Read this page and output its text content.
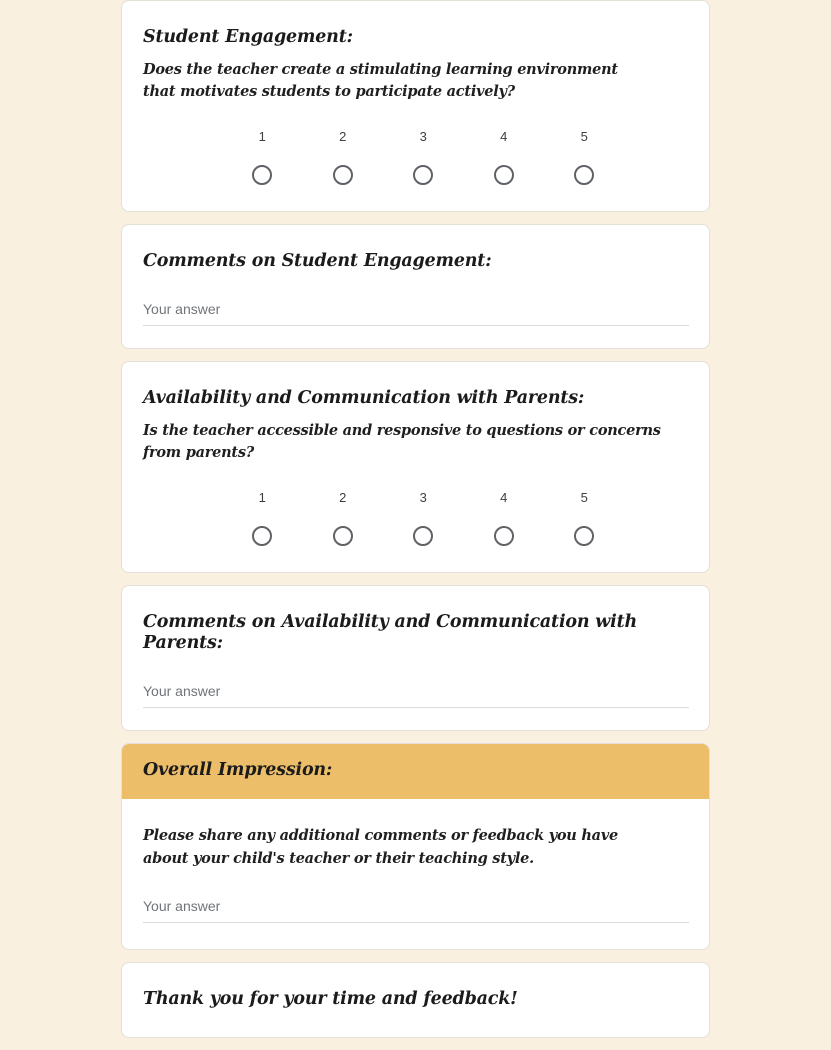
Student Engagement:
Does the teacher create a stimulating learning environment that motivates students to participate actively?
1	2	3	4	5
Comments on Student Engagement:
Your answer
Availability and Communication with Parents:
Is the teacher accessible and responsive to questions or concerns from parents?
1	2	3	4	5
Comments on Availability and Communication with Parents:
Your answer
Overall Impression:
Please share any additional comments or feedback you have about your child's teacher or their teaching style.
Your answer
Thank you for your time and feedback!
